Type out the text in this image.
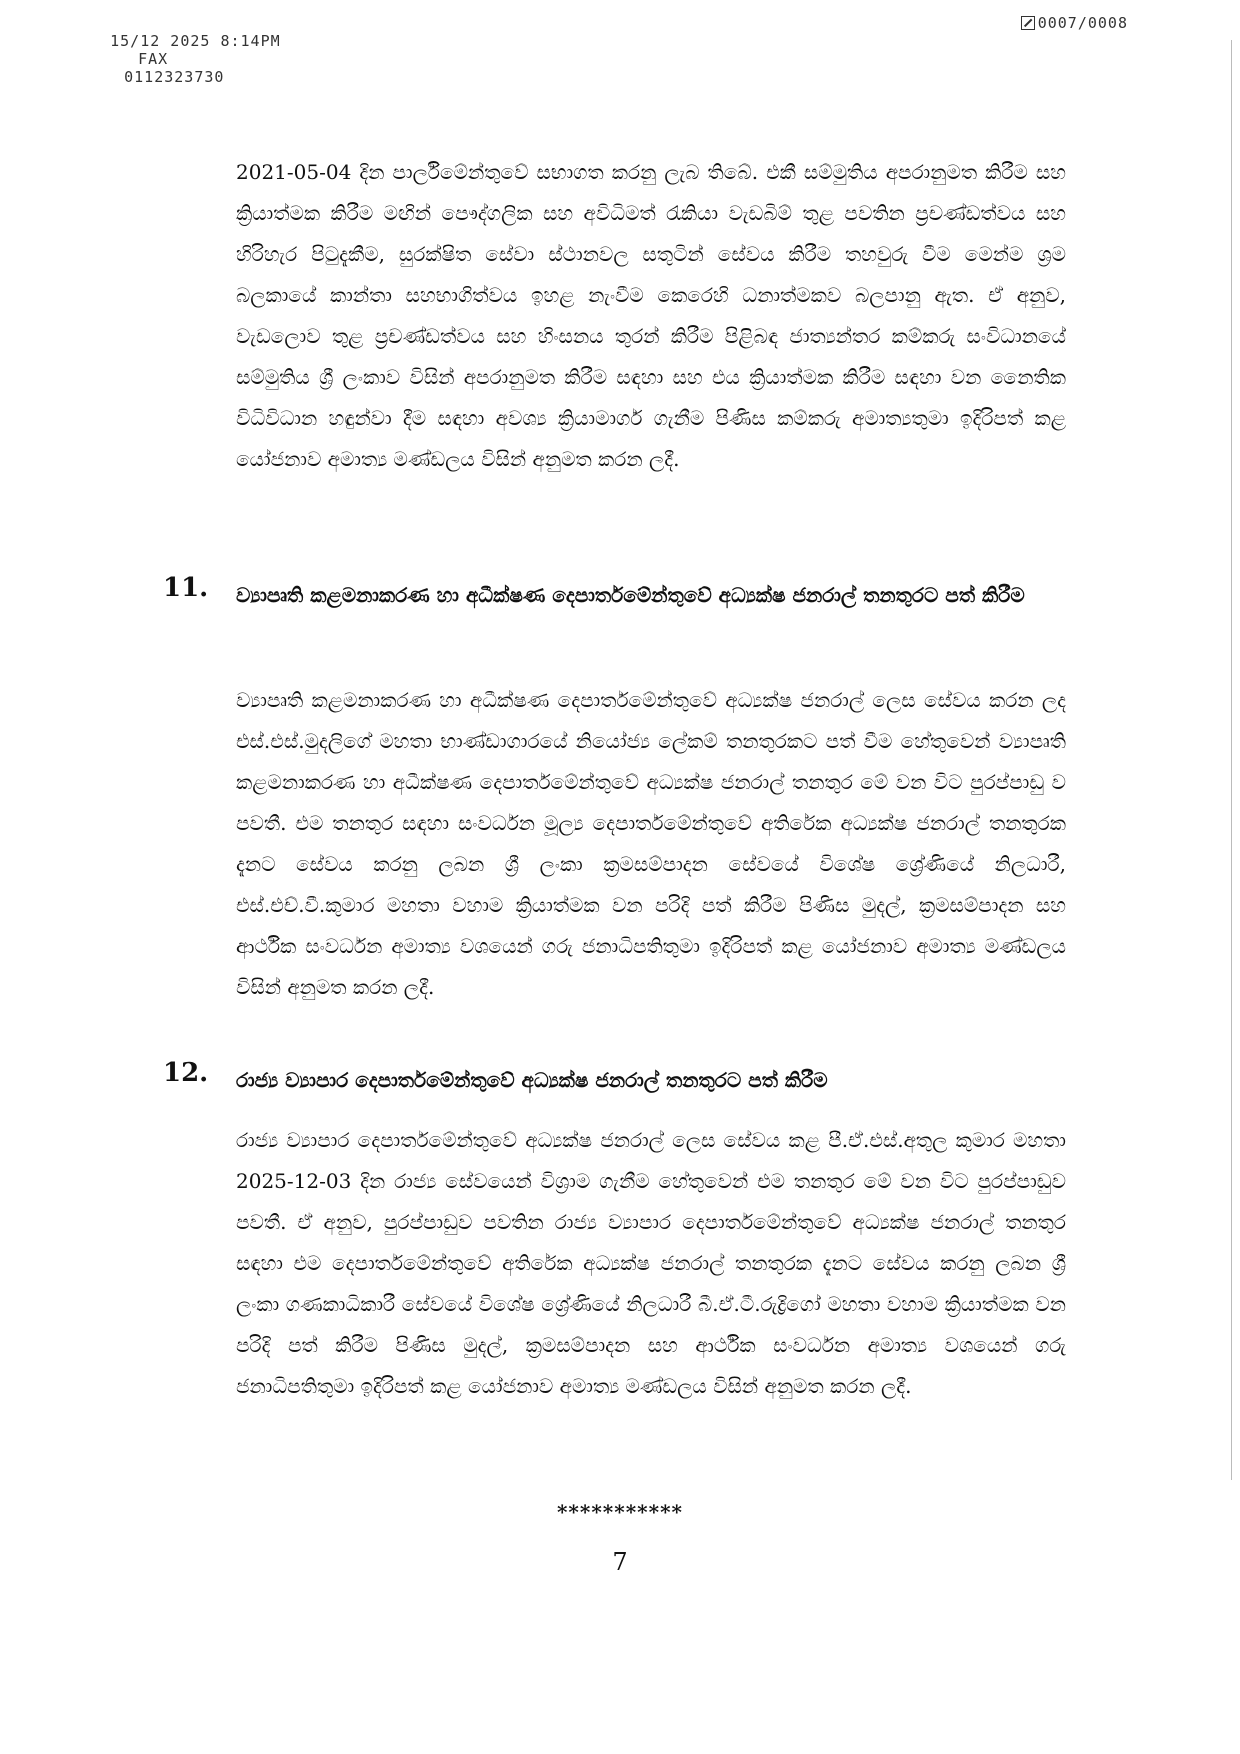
15/12 2025 8:14PM
FAX
0112323730

0007/0008

2021-05-04 දින පාර්ලිමේන්තුවේ සභාගත කරනු ලැබ තිබේ. එකී සම්මුතිය අපරානුමත කිරීම සහ ක්‍රියාත්මක කිරීම මඟින් පෞද්ගලික සහ අවිධිමත් රැකියා වැඩබිම් තුළ පවතින ප්‍රචණ්ඩත්වය සහ හිරිහැර පිටුදැකීම, සුරක්ෂිත සේවා ස්ථානවල සතුටින් සේවය කිරීම තහවුරු වීම මෙන්ම ශ්‍රම බලකායේ කාන්තා සහභාගිත්වය ඉහළ නැංවීම කෙරෙහි ධනාත්මකව බලපානු ඇත. ඒ අනුව, වැඩලොව තුළ ප්‍රචණ්ඩත්වය සහ හිංසනය තුරන් කිරීම පිළිබඳ ජාත්‍යන්තර කම්කරු සංවිධානයේ සම්මුතිය ශ්‍රී ලංකාව විසින් අපරානුමත කිරීම සඳහා සහ එය ක්‍රියාත්මක කිරීම සඳහා වන නෛතික විධිවිධාන හඳුන්වා දීම සඳහා අවශ්‍ය ක්‍රියාමාර්ග ගැනීම පිණිස කම්කරු අමාත්‍යතුමා ඉදිරිපත් කළ යෝජනාව අමාත්‍ය මණ්ඩලය විසින් අනුමත කරන ලදී.

11. ව්‍යාපෘති කළමනාකරණ හා අධීක්ෂණ දෙපාර්තමේන්තුවේ අධ්‍යක්ෂ ජනරාල් තනතුරට පත් කිරීම

ව්‍යාපෘති කළමනාකරණ හා අධීක්ෂණ දෙපාර්තමේන්තුවේ අධ්‍යක්ෂ ජනරාල් ලෙස සේවය කරන ලද එස්.එස්.මුදලිගේ මහතා භාණ්ඩාගාරයේ නියෝජ්‍ය ලේකම් තනතුරකට පත් වීම හේතුවෙන් ව්‍යාපෘති කළමනාකරණ හා අධීක්ෂණ දෙපාර්තමේන්තුවේ අධ්‍යක්ෂ ජනරාල් තනතුර මේ වන විට පුරප්පාඩු ව පවතී. එම තනතුර සඳහා සංවර්ධන මූල්‍ය දෙපාර්තමේන්තුවේ අතිරේක අධ්‍යක්ෂ ජනරාල් තනතුරක දැනට සේවය කරනු ලබන ශ්‍රී ලංකා ක්‍රමසම්පාදන සේවයේ විශේෂ ශ්‍රේණියේ නිලධාරී, එස්.එච්.වී.කුමාර මහතා වහාම ක්‍රියාත්මක වන පරිදි පත් කිරීම පිණිස මුදල්, ක්‍රමසම්පාදන සහ ආර්ථික සංවර්ධන අමාත්‍ය වශයෙන් ගරු ජනාධිපතිතුමා ඉදිරිපත් කළ යෝජනාව අමාත්‍ය මණ්ඩලය විසින් අනුමත කරන ලදී.

12. රාජ්‍ය ව්‍යාපාර දෙපාර්තමේන්තුවේ අධ්‍යක්ෂ ජනරාල් තනතුරට පත් කිරීම

රාජ්‍ය ව්‍යාපාර දෙපාර්තමේන්තුවේ අධ්‍යක්ෂ ජනරාල් ලෙස සේවය කළ පී.ඒ.එස්.අතුල කුමාර මහතා 2025-12-03 දින රාජ්‍ය සේවයෙන් විශ්‍රාම ගැනීම හේතුවෙන් එම තනතුර මේ වන විට පුරප්පාඩුව පවතී. ඒ අනුව, පුරප්පාඩුව පවතින රාජ්‍ය ව්‍යාපාර දෙපාර්තමේන්තුවේ අධ්‍යක්ෂ ජනරාල් තනතුර සඳහා එම දෙපාර්තමේන්තුවේ අතිරේක අධ්‍යක්ෂ ජනරාල් තනතුරක දැනට සේවය කරනු ලබන ශ්‍රී ලංකා ගණකාධිකාරී සේවයේ විශේෂ ශ්‍රේණියේ නිලධාරී බී.ඒ.ටී.රුද්‍රිගෝ මහතා වහාම ක්‍රියාත්මක වන පරිදි පත් කිරීම පිණිස මුදල්, ක්‍රමසම්පාදන සහ ආර්ථික සංවර්ධන අමාත්‍ය වශයෙන් ගරු ජනාධිපතිතුමා ඉදිරිපත් කළ යෝජනාව අමාත්‍ය මණ්ඩලය විසින් අනුමත කරන ලදී.

***********
7
